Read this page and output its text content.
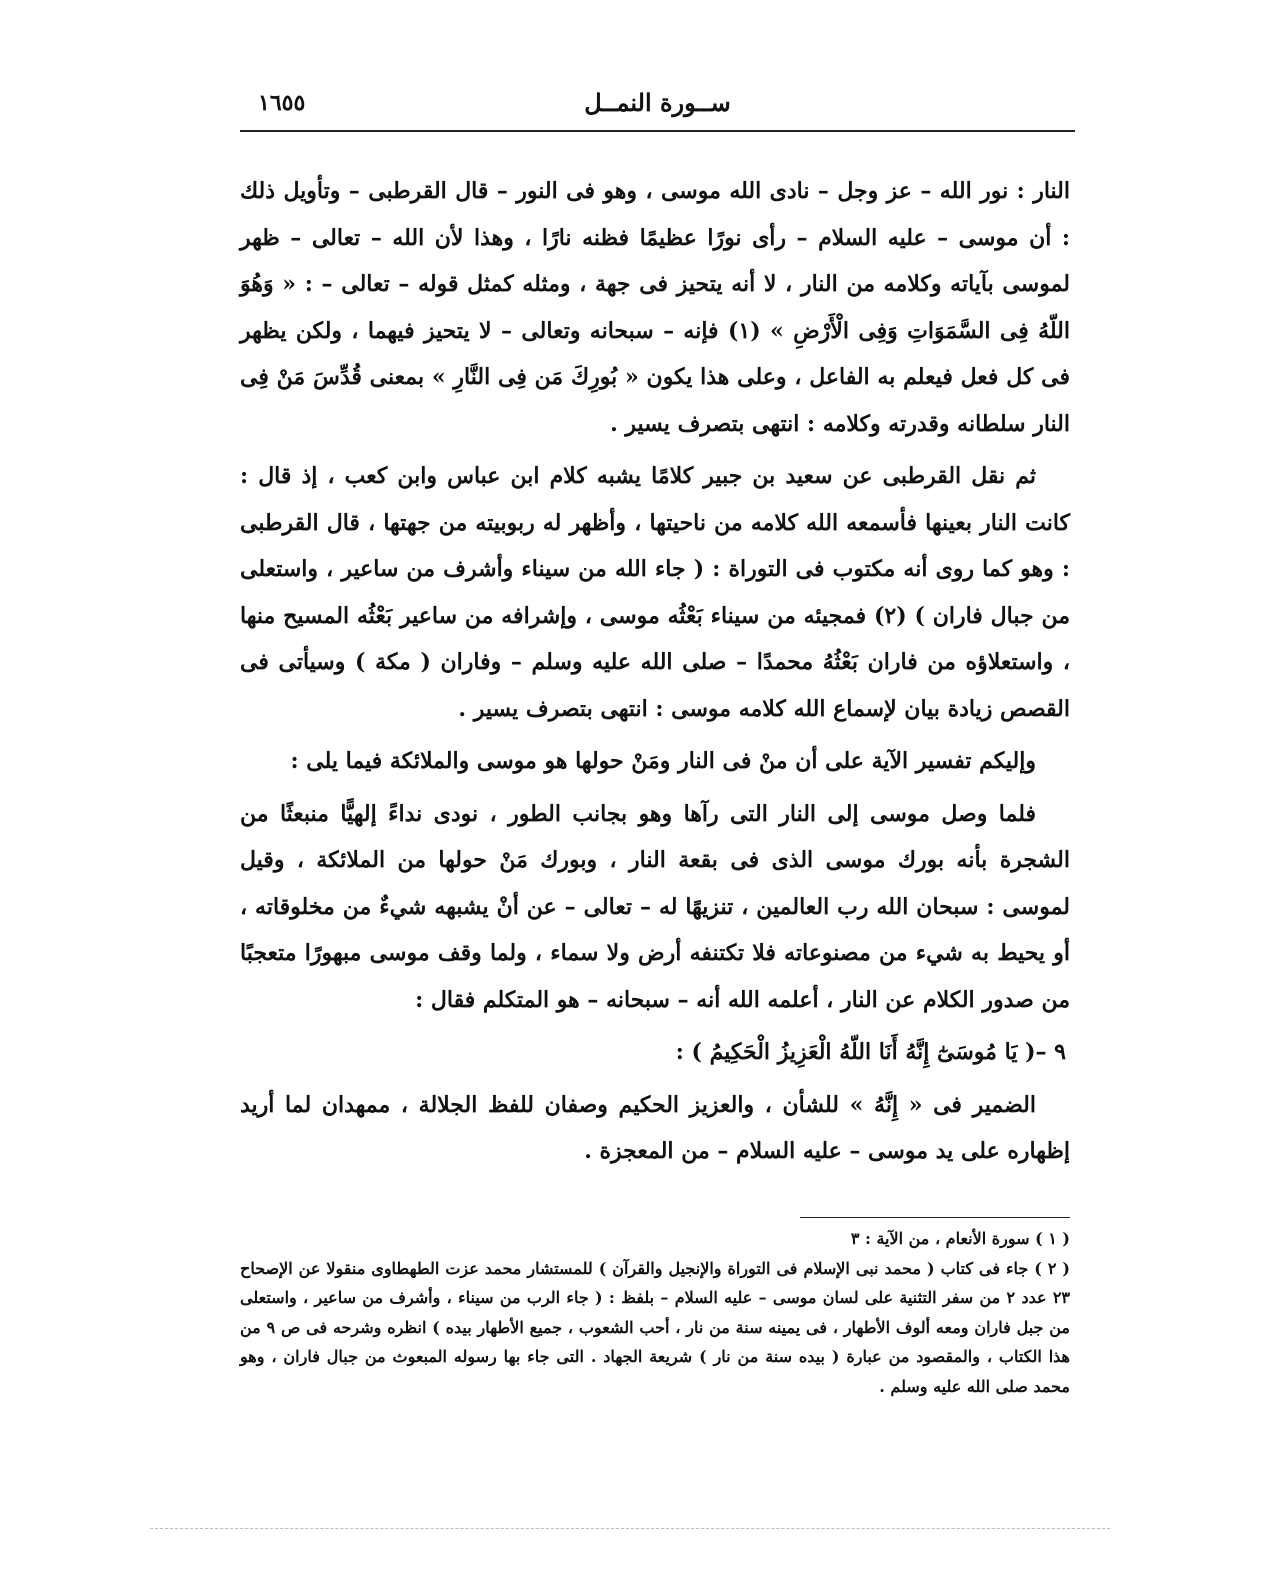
ســورة النمــل
١٦٥٥

النار : نور الله – عز وجل – نادى الله موسى ، وهو فى النور – قال القرطبى – وتأويل ذلك : أن موسى – عليه السلام – رأى نورًا عظيمًا فظنه نارًا ، وهذا لأن الله – تعالى – ظهر لموسى بآياته وكلامه من النار ، لا أنه يتحيز فى جهة ، ومثله كمثل قوله – تعالى – : « وَهُوَ اللّهُ فِى السَّمَوَاتِ وَفِى الْأَرْضِ » (١) فإنه – سبحانه وتعالى – لا يتحيز فيهما ، ولكن يظهر فى كل فعل فيعلم به الفاعل ، وعلى هذا يكون « بُورِكَ مَن فِى النَّارِ » بمعنى قُدِّسَ مَنْ فِى النار سلطانه وقدرته وكلامه : انتهى بتصرف يسير .

ثم نقل القرطبى عن سعيد بن جبير كلامًا يشبه كلام ابن عباس وابن كعب ، إذ قال : كانت النار بعينها فأسمعه الله كلامه من ناحيتها ، وأظهر له ربوبيته من جهتها ، قال القرطبى : وهو كما روى أنه مكتوب فى التوراة : ( جاء الله من سيناء وأشرف من ساعير ، واستعلى من جبال فاران ) (٢) فمجيئه من سيناء بَعْثُه موسى ، وإشرافه من ساعير بَعْثُه المسيح منها ، واستعلاؤه من فاران بَعْثُهُ محمدًا – صلى الله عليه وسلم – وفاران ( مكة ) وسيأتى فى القصص زيادة بيان لإسماع الله كلامه موسى : انتهى بتصرف يسير .

وإليكم تفسير الآية على أن منْ فى النار ومَنْ حولها هو موسى والملائكة فيما يلى :

فلما وصل موسى إلى النار التى رآها وهو بجانب الطور ، نودى نداءً إلهيًّا منبعثًا من الشجرة بأنه بورك موسى الذى فى بقعة النار ، وبورك مَنْ حولها من الملائكة ، وقيل لموسى : سبحان الله رب العالمين ، تنزيهًا له – تعالى – عن أنْ يشبهه شيءٌ من مخلوقاته ، أو يحيط به شيء من مصنوعاته فلا تكتنفه أرض ولا سماء ، ولما وقف موسى مبهورًا متعجبًا من صدور الكلام عن النار ، أعلمه الله أنه – سبحانه – هو المتكلم فقال :

٩ –( يَا مُوسَىٰٓ إِنَّهُ أَنَا اللّهُ الْعَزِيزُ الْحَكِيمُ ) :

الضمير فى « إِنَّهُ » للشأن ، والعزيز الحكيم وصفان للفظ الجلالة ، ممهدان لما أريد إظهاره على يد موسى – عليه السلام – من المعجزة .

( ١ ) سورة الأنعام ، من الآية : ٣

( ٢ ) جاء فى كتاب ( محمد نبى الإسلام فى التوراة والإنجيل والقرآن ) للمستشار محمد عزت الطهطاوى منقولا عن الإصحاح ٢٣ عدد ٢ من سفر التثنية على لسان موسى – عليه السلام – بلفظ : ( جاء الرب من سيناء ، وأشرف من ساعير ، واستعلى من جبل فاران ومعه ألوف الأطهار ، فى يمينه سنة من نار ، أحب الشعوب ، جميع الأطهار بيده ) انظره وشرحه فى ص ٩ من هذا الكتاب ، والمقصود من عبارة ( بيده سنة من نار ) شريعة الجهاد . التى جاء بها رسوله المبعوث من جبال فاران ، وهو محمد صلى الله عليه وسلم .
